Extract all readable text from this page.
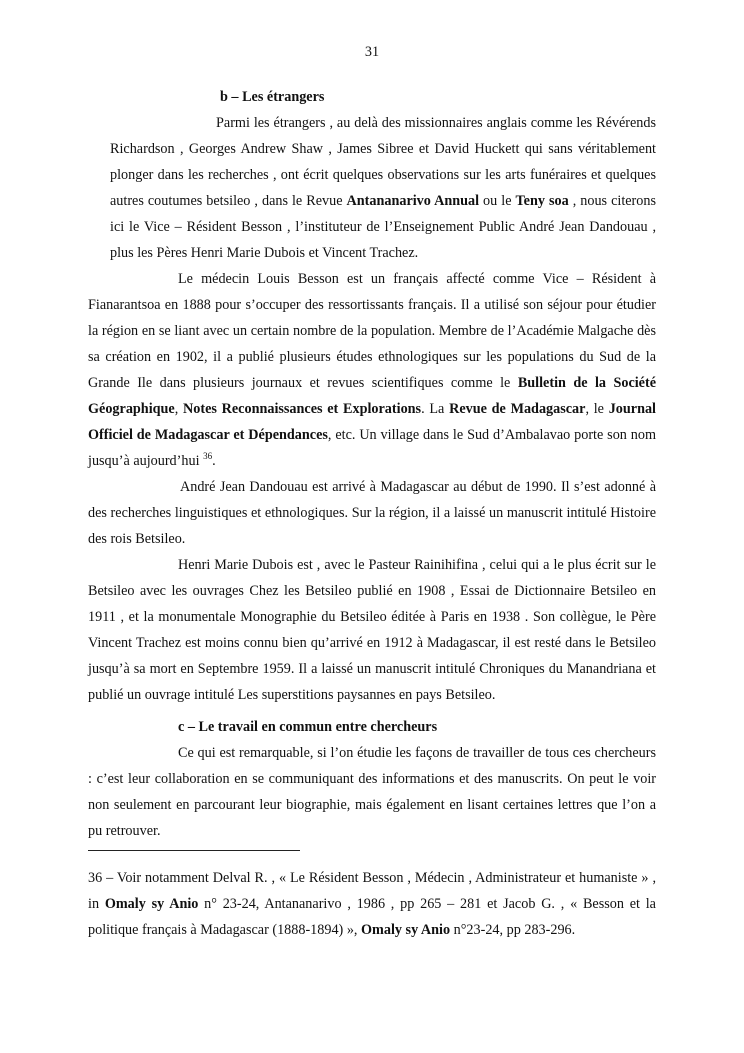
31
b – Les étrangers

Parmi les étrangers , au delà des missionnaires anglais comme les Révérends Richardson , Georges Andrew Shaw , James Sibree et David Huckett qui sans véritablement plonger dans les recherches , ont écrit quelques observations sur les arts funéraires et quelques autres coutumes betsileo , dans le Revue Antananarivo Annual ou le Teny soa , nous citerons ici le Vice – Résident Besson , l’instituteur de l’Enseignement Public André Jean Dandouau , plus les Pères Henri Marie Dubois et Vincent Trachez.

Le médecin Louis Besson est un français affecté comme Vice – Résident à Fianarantsoa en 1888 pour s’occuper des ressortissants français. Il a utilisé son séjour pour étudier la région en se liant avec un certain nombre de la population. Membre de l’Académie Malgache dès sa création en 1902, il a publié plusieurs études ethnologiques sur les populations du Sud de la Grande Ile dans plusieurs journaux et revues scientifiques comme le Bulletin de la Société Géographique, Notes Reconnaissances et Explorations. La Revue de Madagascar, le Journal Officiel de Madagascar et Dépendances, etc. Un village dans le Sud d’Ambalavao porte son nom jusqu’à aujourd’hui $^{36}$.

André Jean Dandouau est arrivé à Madagascar au début de 1990. Il s’est adonné à des recherches linguistiques et ethnologiques. Sur la région, il a laissé un manuscrit intitulé Histoire des rois Betsileo.

Henri Marie Dubois est , avec le Pasteur Rainihifina , celui qui a le plus écrit sur le Betsileo avec les ouvrages Chez les Betsileo publié en 1908 , Essai de Dictionnaire Betsileo en 1911 , et la monumentale Monographie du Betsileo éditée à Paris en 1938 . Son collègue, le Père Vincent Trachez est moins connu bien qu’arrivé en 1912 à Madagascar, il est resté dans le Betsileo jusqu’à sa mort en Septembre 1959. Il a laissé un manuscrit intitulé Chroniques du Manandriana et publié un ouvrage intitulé Les superstitions paysannes en pays Betsileo.

c – Le travail en commun entre chercheurs

Ce qui est remarquable, si l’on étudie les façons de travailler de tous ces chercheurs : c’est leur collaboration en se communiquant des informations et des manuscrits. On peut le voir non seulement en parcourant leur biographie, mais également en lisant certaines lettres que l’on a pu retrouver.

36 – Voir notamment Delval R. , « Le Résident Besson , Médecin , Administrateur et humaniste » , in Omaly sy Anio n° 23-24, Antananarivo , 1986 , pp 265 – 281 et Jacob G. , « Besson et la politique français à Madagascar (1888-1894) », Omaly sy Anio n°23-24, pp 283-296.
